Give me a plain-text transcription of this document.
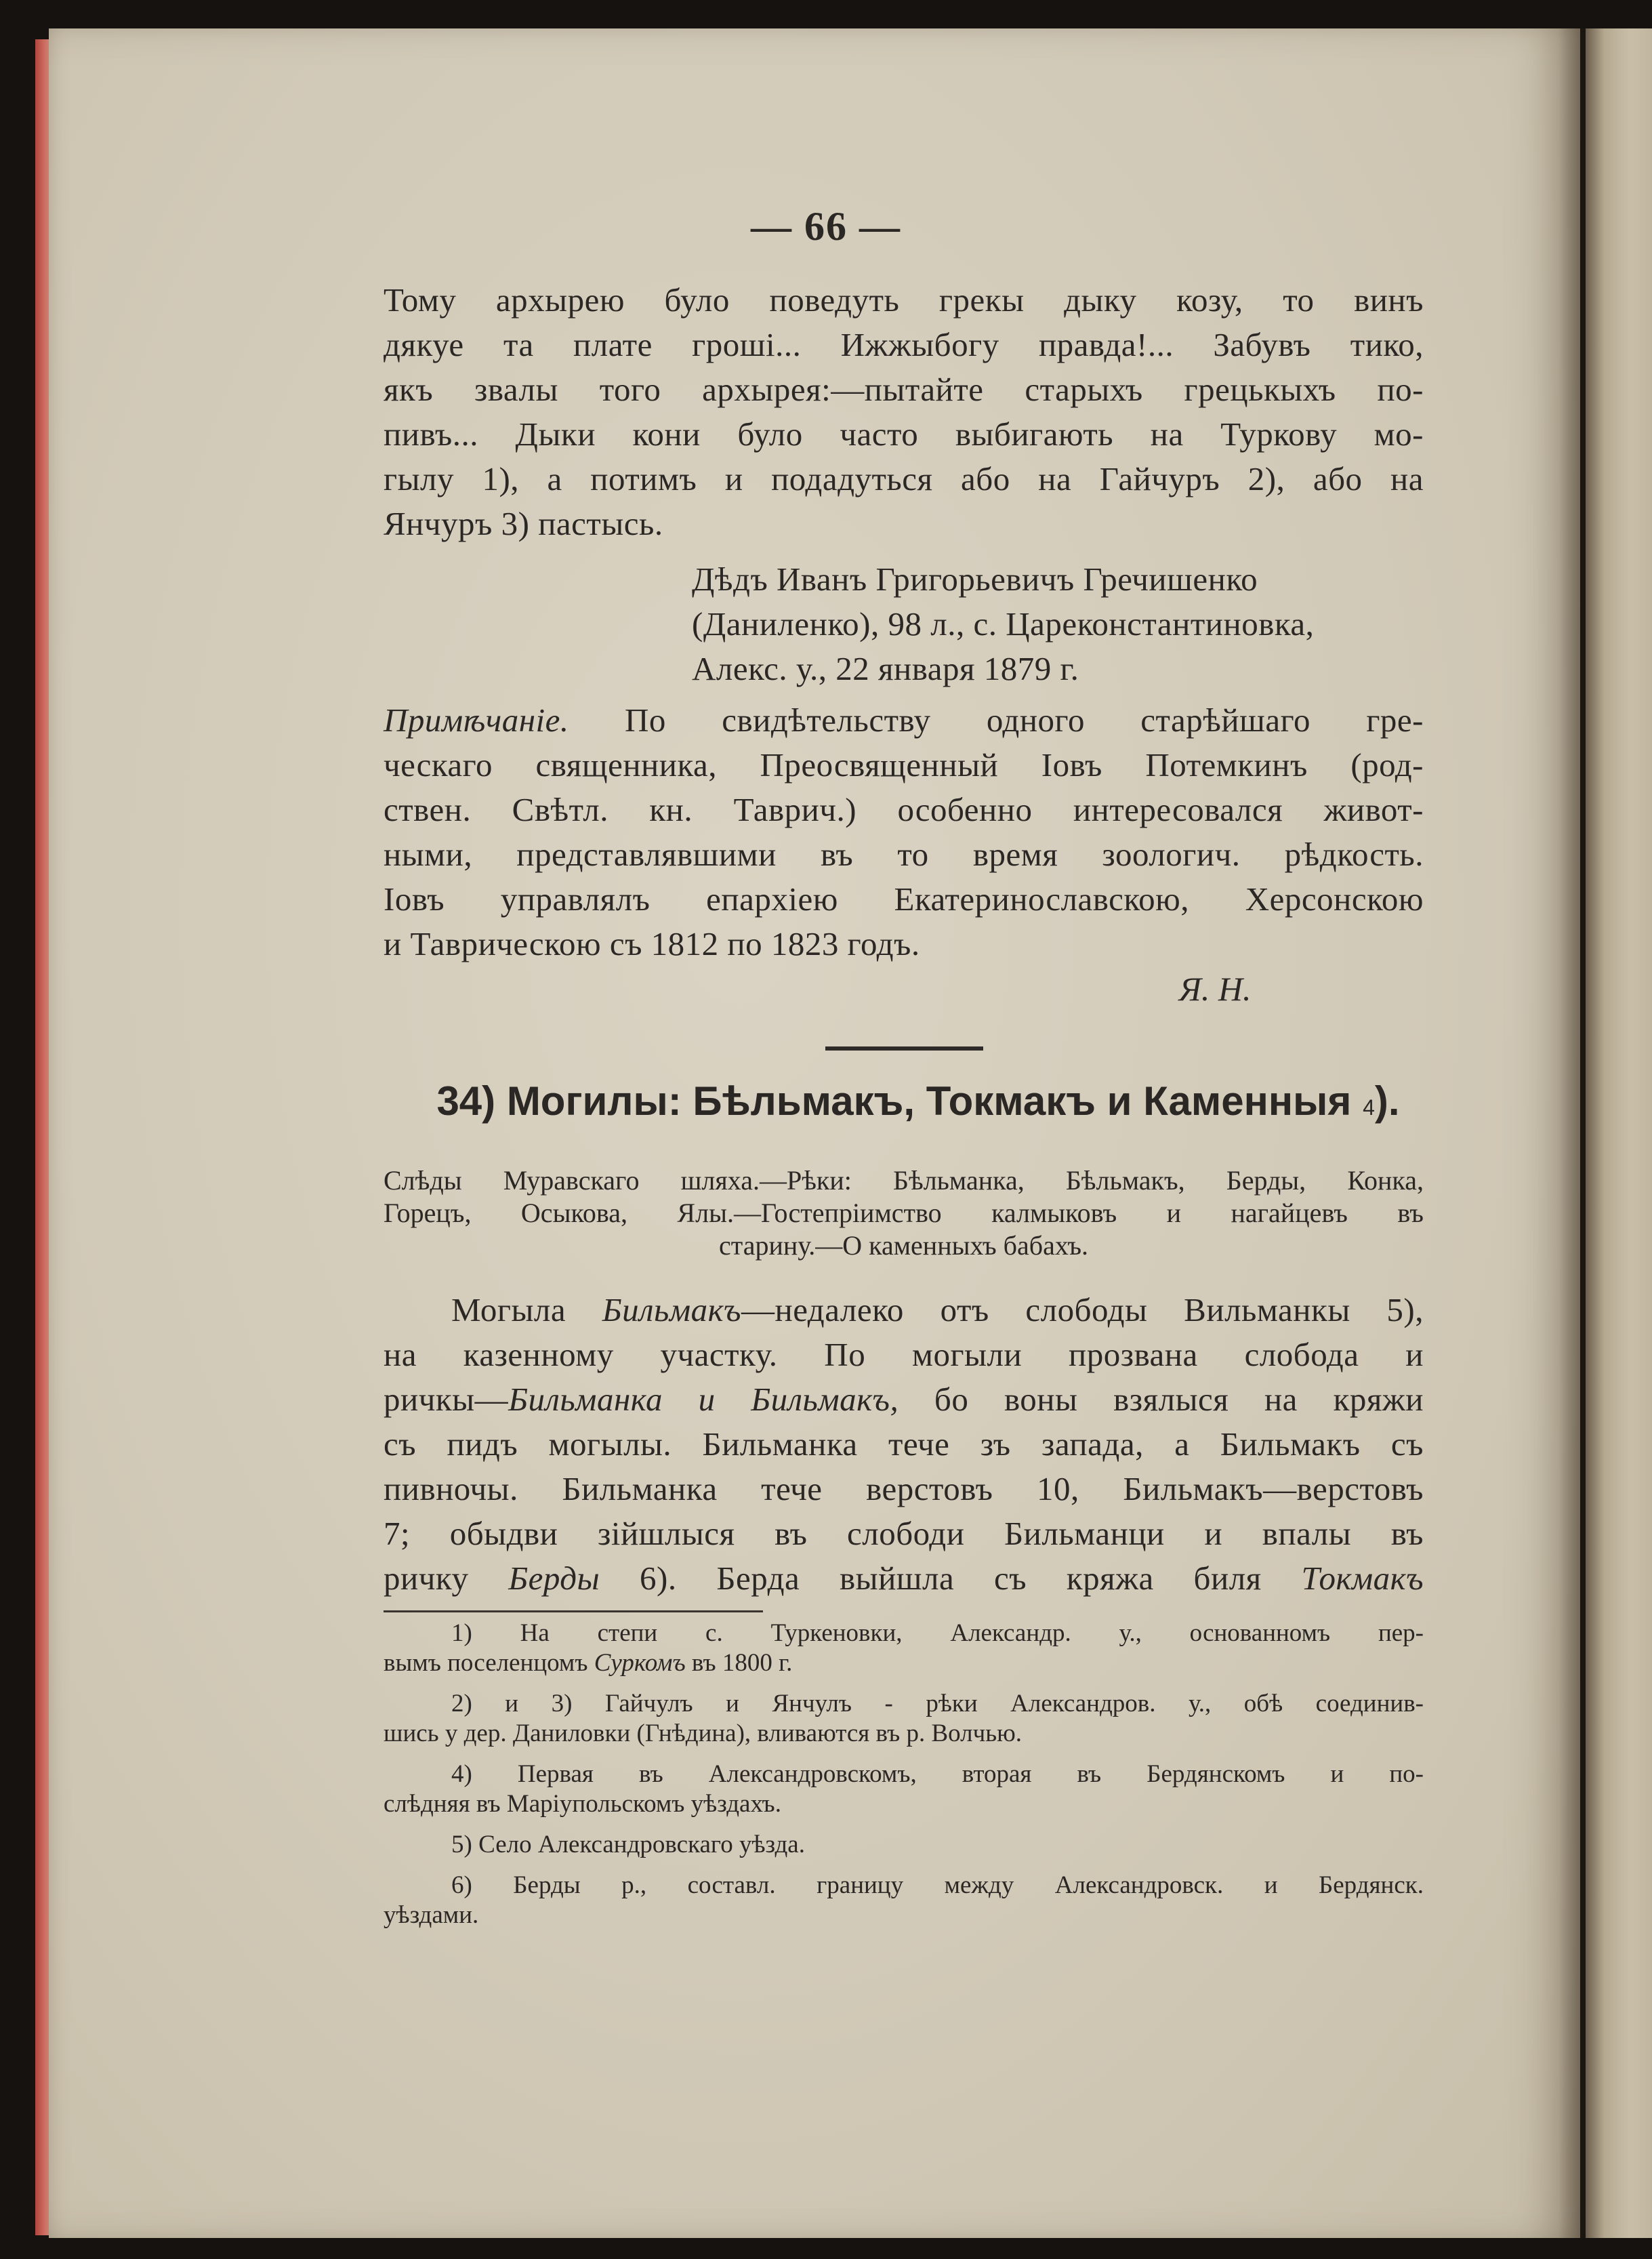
— 66 —
Тому архырею було поведуть грекы дыку козу, то винъ
дякуе та плате грошi... Ижжыбогу правда!... Забувъ тико,
якъ звалы того архырея:—пытайте старыхъ грецькыхъ по-
пивъ... Дыки кони було часто выбигають на Туркову мо-
гылу 1), а потимъ и подадуться або на Гайчуръ 2), або на
Янчуръ 3) пастысь.
Дѣдъ Иванъ Григорьевичъ Гречишенко
(Даниленко), 98 л., с. Цареконстантиновка,
Алекс. у., 22 января 1879 г.
Примѣчанiе. По свидѣтельству одного старѣйшаго гре-
ческаго священника, Преосвященный Iовъ Потемкинъ (род-
ствен. Свѣтл. кн. Таврич.) особенно интересовался живот-
ными, представлявшими въ то время зоологич. рѣдкость.
Iовъ управлялъ епархiею Екатеринославскою, Херсонскою
и Таврическою съ 1812 по 1823 годъ.
Я. Н.
34) Могилы: Бѣльмакъ, Токмакъ и Каменныя 4).
Слѣды Муравскаго шляха.—Рѣки: Бѣльманка, Бѣльмакъ, Берды, Конка,
Горецъ, Осыкова, Ялы.—Гостепрiимство калмыковъ и нагайцевъ въ
старину.—О каменныхъ бабахъ.
Могыла Бильмакъ—недалеко отъ слободы Вильманкы 5),
на казенному участку. По могыли прозвана слобода и
ричкы—Бильманка и Бильмакъ, бо воны взялыся на кряжи
съ пидъ могылы. Бильманка тече зъ запада, а Бильмакъ съ
пивночы. Бильманка тече верстовъ 10, Бильмакъ—верстовъ
7; обыдви зiйшлыся въ слободи Бильманци и впалы въ
ричку Берды 6). Берда выйшла съ кряжа биля Токмакъ
1) На степи с. Туркеновки, Александр. у., основанномъ пер-
вымъ поселенцомъ Суркомъ въ 1800 г.
2) и 3) Гайчулъ и Янчулъ - рѣки Александров. у., обѣ соединив-
шись у дер. Даниловки (Гнѣдина), вливаются въ р. Волчью.
4) Первая въ Александровскомъ, вторая въ Бердянскомъ и по-
слѣдняя въ Марiупольскомъ уѣздахъ.
5) Село Александровскаго уѣзда.
6) Берды р., составл. границу между Александровск. и Бердянск.
уѣздами.
